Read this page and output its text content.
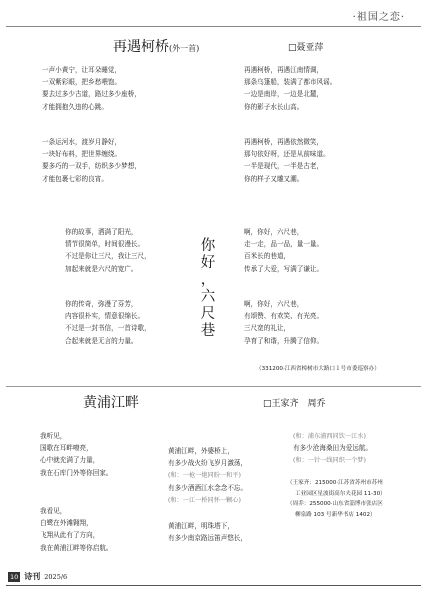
·祖国之恋·
再遇柯桥(外一首)	□聂亚萍
一声小黄宁，让耳朵睡觉，
一双紫彩眼，把乡愁喂饱。
要去过多少古道，路过多少座桥，
才能拥抱久违的心跳。
一条运河水，渡岁月静好，
一块好布料，把世界缠绕。
要多巧的一双手，纺织多少梦想，
才能包裹七彩的良宵。
再遇柯桥，再遇江南情调，
那条乌篷船，装满了都市风谣。
一边是南岸，一边是北麓，
你的影子水长山高。
再遇柯桥，再遇依然微笑，
那句依好呀，还是从前味道。
一半是现代，一半是古老，
你的样子又雕又潮。
你的故事，洒满了阳光，
情节很简单，时间很漫长。
不过是你让三尺，我让三尺，
加起来就是六尺的宽广。
你的传奇，弥漫了芬芳，
内容很朴实，情意很绵长。
不过是一封书信，一首诗歌，
合起来就是无言的力量。
你
好
，
六
尺
巷
啊，你好，六尺巷，
走一走，品一品，量一量。
百米长的巷道，
传承了大爱，写满了谦让。
啊，你好，六尺巷，
有颂赞、有欢笑、有光亮。
三尺宽的礼让，
孕育了和谐，升腾了信仰。
（331200·江西省樟树市大路口１号市委巡察办）
黄浦江畔	□王家齐　周乔
我听见，
国歌在耳畔嘹亮，
心中就充满了力量，
我在石库门外等你回家。
我看见，
白鹭在外滩翱翔，
飞翔从此有了方向，
我在黄浦江畔等你启航。
黄浦江畔，外婆桥上，
有多少战火纷飞岁月激荡，
(和：一枪一炮同盼一和平)
有多少酒酒江水念念不忘。
(和：一江一桥同怀一颗心)
黄浦江畔，明珠塔下，
有多少南京路远笛声悠长，
(和：浦东浦西同饮一江水)
有多少沧海桑田为爱远航。
(和：一针一线同织一个梦)
（王家齐：215000·江苏省苏州市苏州
工业园区星波街高尔夫花园 11-30）
（周乔：255000·山东省淄博市张店区
柳泉路 103 号新华书店 1402）
10 诗刊 2025/6
